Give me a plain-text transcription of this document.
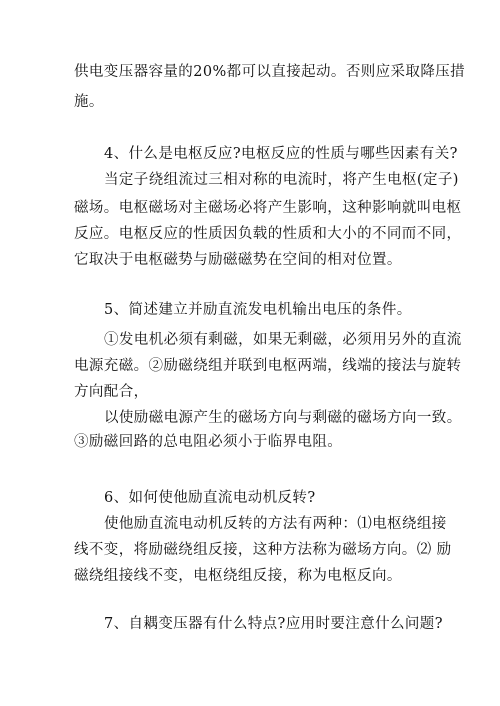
供电变压器容量的20%都可以直接起动。否则应采取降压措
施。
4、什么是电枢反应?电枢反应的性质与哪些因素有关?
当定子绕组流过三相对称的电流时，将产生电枢(定子)
磁场。电枢磁场对主磁场必将产生影响，这种影响就叫电枢
反应。电枢反应的性质因负载的性质和大小的不同而不同，
它取决于电枢磁势与励磁磁势在空间的相对位置。
5、简述建立并励直流发电机输出电压的条件。
①发电机必须有剩磁，如果无剩磁，必须用另外的直流
电源充磁。②励磁绕组并联到电枢两端，线端的接法与旋转
方向配合，
以使励磁电源产生的磁场方向与剩磁的磁场方向一致。
③励磁回路的总电阻必须小于临界电阻。
6、如何使他励直流电动机反转?
使他励直流电动机反转的方法有两种：⑴电枢绕组接
线不变，将励磁绕组反接，这种方法称为磁场方向。⑵ 励
磁绕组接线不变，电枢绕组反接，称为电枢反向。
7、自耦变压器有什么特点?应用时要注意什么问题?
